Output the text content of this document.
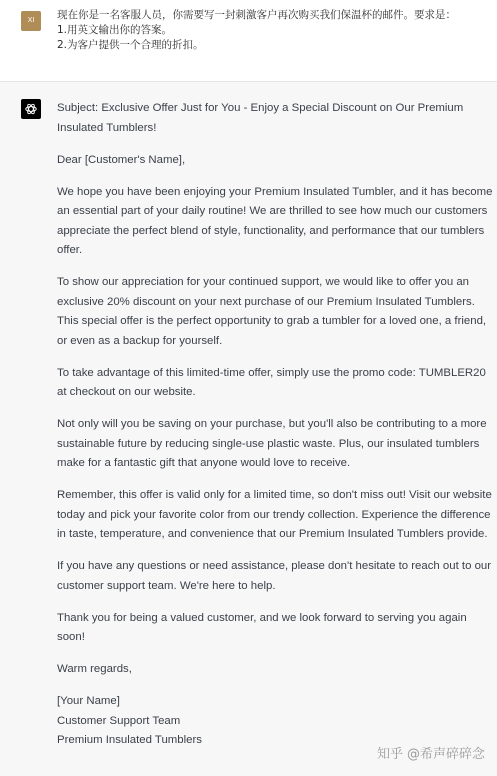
XI	现在你是一名客服人员，你需要写一封刺激客户再次购买我们保温杯的邮件。要求是：
1.用英文输出你的答案。
2.为客户提供一个合理的折扣。

Subject: Exclusive Offer Just for You - Enjoy a Special Discount on Our Premium Insulated Tumblers!

Dear [Customer's Name],

We hope you have been enjoying your Premium Insulated Tumbler, and it has become an essential part of your daily routine! We are thrilled to see how much our customers appreciate the perfect blend of style, functionality, and performance that our tumblers offer.

To show our appreciation for your continued support, we would like to offer you an exclusive 20% discount on your next purchase of our Premium Insulated Tumblers. This special offer is the perfect opportunity to grab a tumbler for a loved one, a friend, or even as a backup for yourself.

To take advantage of this limited-time offer, simply use the promo code: TUMBLER20 at checkout on our website.

Not only will you be saving on your purchase, but you'll also be contributing to a more sustainable future by reducing single-use plastic waste. Plus, our insulated tumblers make for a fantastic gift that anyone would love to receive.

Remember, this offer is valid only for a limited time, so don't miss out! Visit our website today and pick your favorite color from our trendy collection. Experience the difference in taste, temperature, and convenience that our Premium Insulated Tumblers provide.

If you have any questions or need assistance, please don't hesitate to reach out to our customer support team. We're here to help.

Thank you for being a valued customer, and we look forward to serving you again soon!

Warm regards,

[Your Name]

Customer Support Team

Premium Insulated Tumblers

知乎 @希声碎碎念
